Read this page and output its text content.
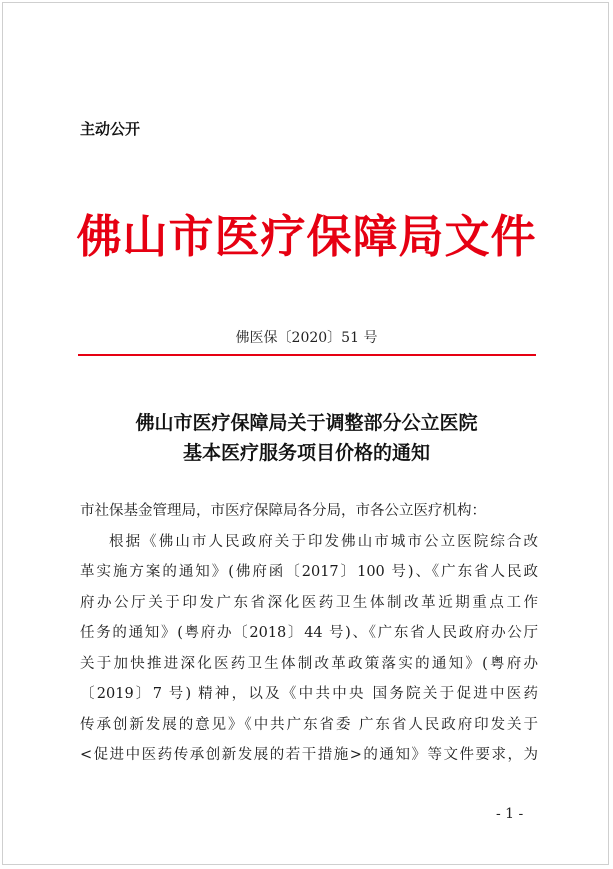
主动公开
佛山市医疗保障局文件
佛医保〔2020〕51 号
佛山市医疗保障局关于调整部分公立医院
基本医疗服务项目价格的通知
市社保基金管理局，市医疗保障局各分局，市各公立医疗机构：
根据《佛山市人民政府关于印发佛山市城市公立医院综合改
革实施方案的通知》(佛府函〔2017〕100 号)、《广东省人民政
府办公厅关于印发广东省深化医药卫生体制改革近期重点工作
任务的通知》(粤府办〔2018〕44 号)、《广东省人民政府办公厅
关于加快推进深化医药卫生体制改革政策落实的通知》(粤府办
〔2019〕7 号) 精神，以及《中共中央 国务院关于促进中医药
传承创新发展的意见》《中共广东省委 广东省人民政府印发关于
<促进中医药传承创新发展的若干措施>的通知》等文件要求，为
- 1 -
